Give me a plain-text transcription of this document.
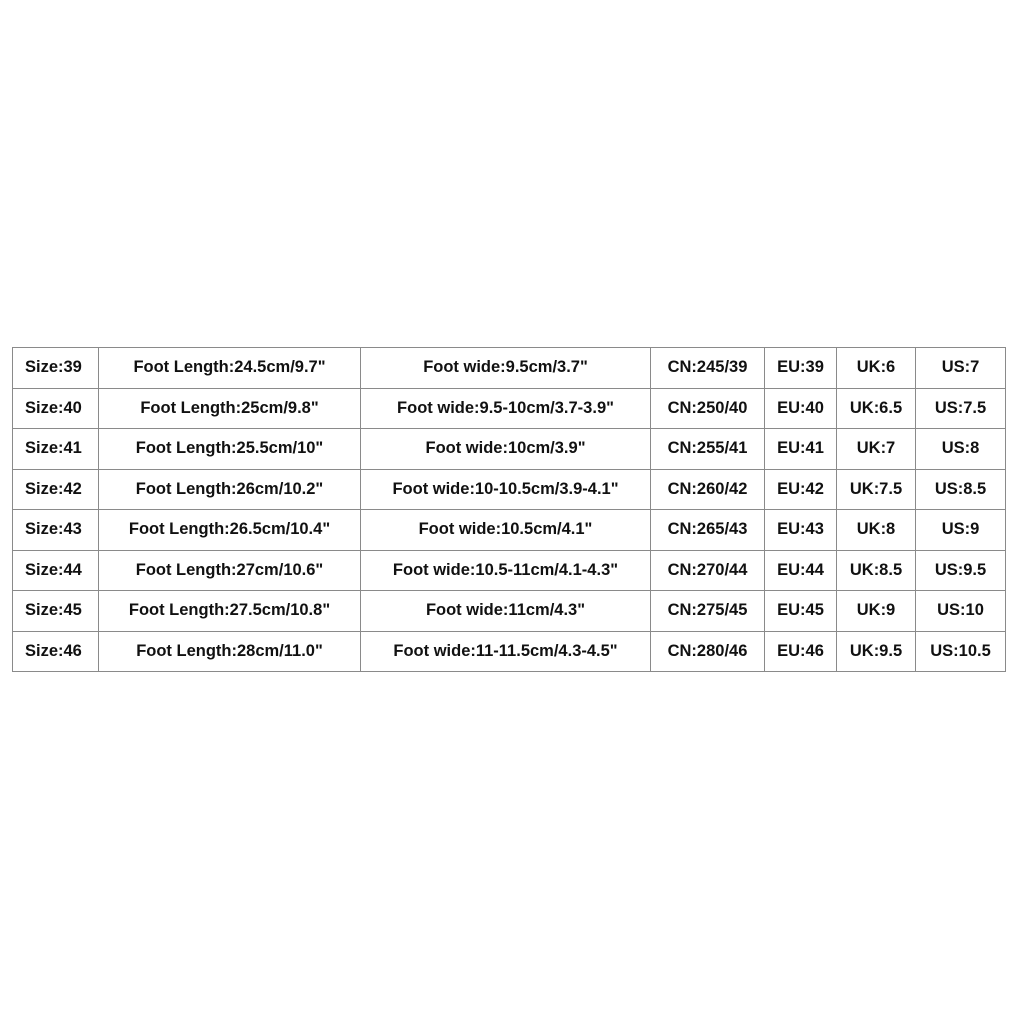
Size:39	Foot Length:24.5cm/9.7"	Foot wide:9.5cm/3.7"	CN:245/39	EU:39	UK:6	US:7
Size:40	Foot Length:25cm/9.8"	Foot wide:9.5-10cm/3.7-3.9"	CN:250/40	EU:40	UK:6.5	US:7.5
Size:41	Foot Length:25.5cm/10"	Foot wide:10cm/3.9"	CN:255/41	EU:41	UK:7	US:8
Size:42	Foot Length:26cm/10.2"	Foot wide:10-10.5cm/3.9-4.1"	CN:260/42	EU:42	UK:7.5	US:8.5
Size:43	Foot Length:26.5cm/10.4"	Foot wide:10.5cm/4.1"	CN:265/43	EU:43	UK:8	US:9
Size:44	Foot Length:27cm/10.6"	Foot wide:10.5-11cm/4.1-4.3"	CN:270/44	EU:44	UK:8.5	US:9.5
Size:45	Foot Length:27.5cm/10.8"	Foot wide:11cm/4.3"	CN:275/45	EU:45	UK:9	US:10
Size:46	Foot Length:28cm/11.0"	Foot wide:11-11.5cm/4.3-4.5"	CN:280/46	EU:46	UK:9.5	US:10.5
